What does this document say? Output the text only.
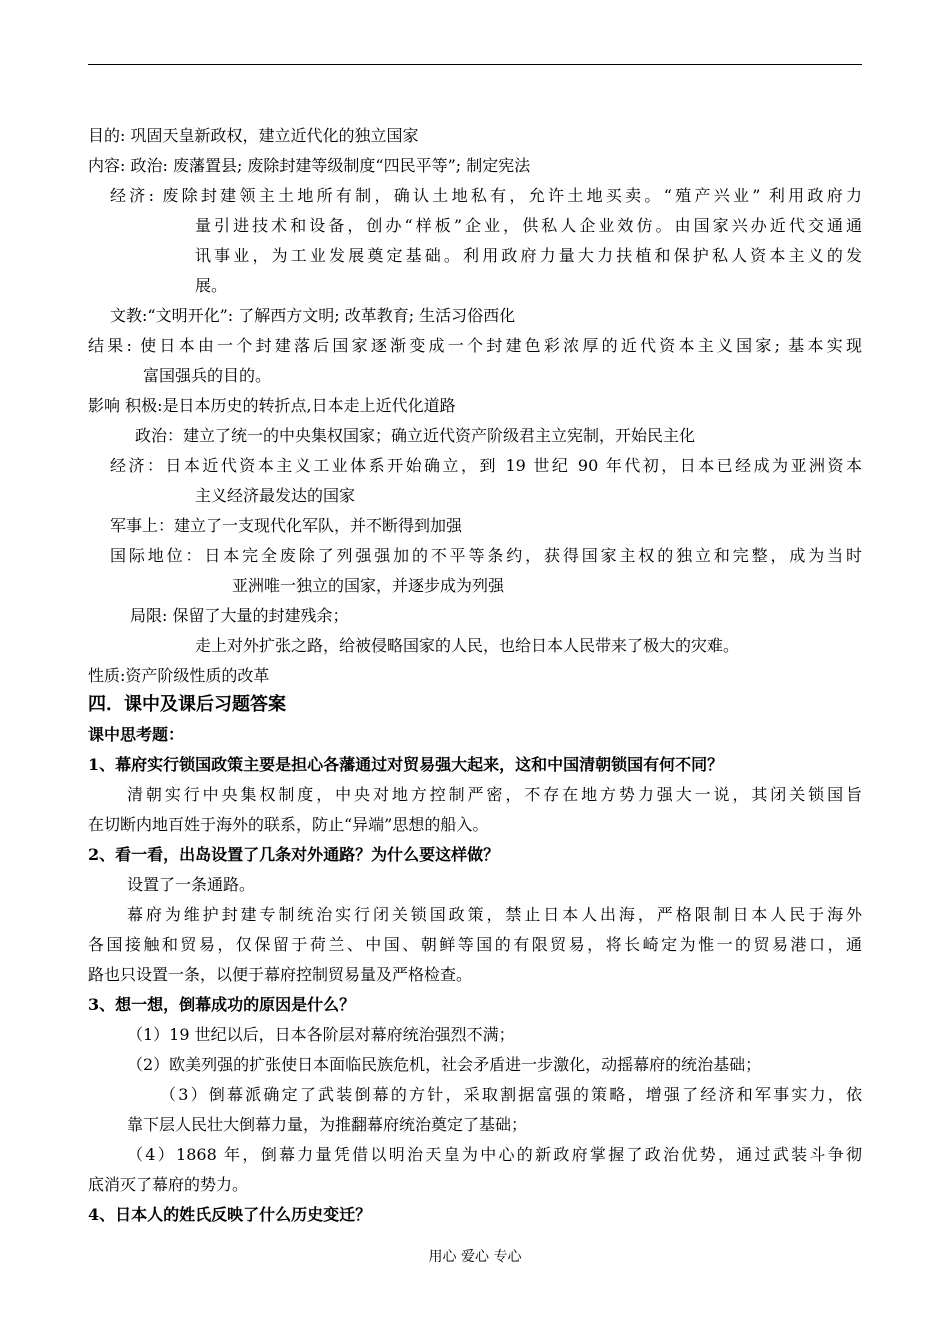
目的: 巩固天皇新政权，建立近代化的独立国家
内容: 政治: 废藩置县; 废除封建等级制度“四民平等”; 制定宪法
经济: 废除封建领主土地所有制，确认土地私有，允许土地买卖。“殖产兴业” 利用政府力
量引进技术和设备，创办“样板”企业，供私人企业效仿。由国家兴办近代交通通
讯事业，为工业发展奠定基础。利用政府力量大力扶植和保护私人资本主义的发
展。
文教:“文明开化”: 了解西方文明; 改革教育; 生活习俗西化
结果: 使日本由一个封建落后国家逐渐变成一个封建色彩浓厚的近代资本主义国家; 基本实现
富国强兵的目的。
影响 积极:是日本历史的转折点,日本走上近代化道路
政治：建立了统一的中央集权国家；确立近代资产阶级君主立宪制，开始民主化
经济：日本近代资本主义工业体系开始确立，到 19 世纪 90 年代初，日本已经成为亚洲资本
主义经济最发达的国家
军事上：建立了一支现代化军队，并不断得到加强
国际地位：日本完全废除了列强强加的不平等条约，获得国家主权的独立和完整，成为当时
亚洲唯一独立的国家，并逐步成为列强
局限: 保留了大量的封建残余；
走上对外扩张之路，给被侵略国家的人民，也给日本人民带来了极大的灾难。
性质:资产阶级性质的改革
四．课中及课后习题答案
课中思考题：
1、幕府实行锁国政策主要是担心各藩通过对贸易强大起来，这和中国清朝锁国有何不同？
清朝实行中央集权制度，中央对地方控制严密，不存在地方势力强大一说，其闭关锁国旨
在切断内地百姓于海外的联系，防止“异端”思想的船入。
2、看一看，出岛设置了几条对外通路？为什么要这样做？
设置了一条通路。
幕府为维护封建专制统治实行闭关锁国政策，禁止日本人出海，严格限制日本人民于海外
各国接触和贸易，仅保留于荷兰、中国、朝鲜等国的有限贸易，将长崎定为惟一的贸易港口，通
路也只设置一条，以便于幕府控制贸易量及严格检查。
3、想一想，倒幕成功的原因是什么？
（1）19 世纪以后，日本各阶层对幕府统治强烈不满；
（2）欧美列强的扩张使日本面临民族危机，社会矛盾进一步激化，动摇幕府的统治基础；
（3）倒幕派确定了武装倒幕的方针，采取割据富强的策略，增强了经济和军事实力，依
靠下层人民壮大倒幕力量，为推翻幕府统治奠定了基础；
（4）1868 年，倒幕力量凭借以明治天皇为中心的新政府掌握了政治优势，通过武装斗争彻
底消灭了幕府的势力。
4、日本人的姓氏反映了什么历史变迁？
用心 爱心 专心
